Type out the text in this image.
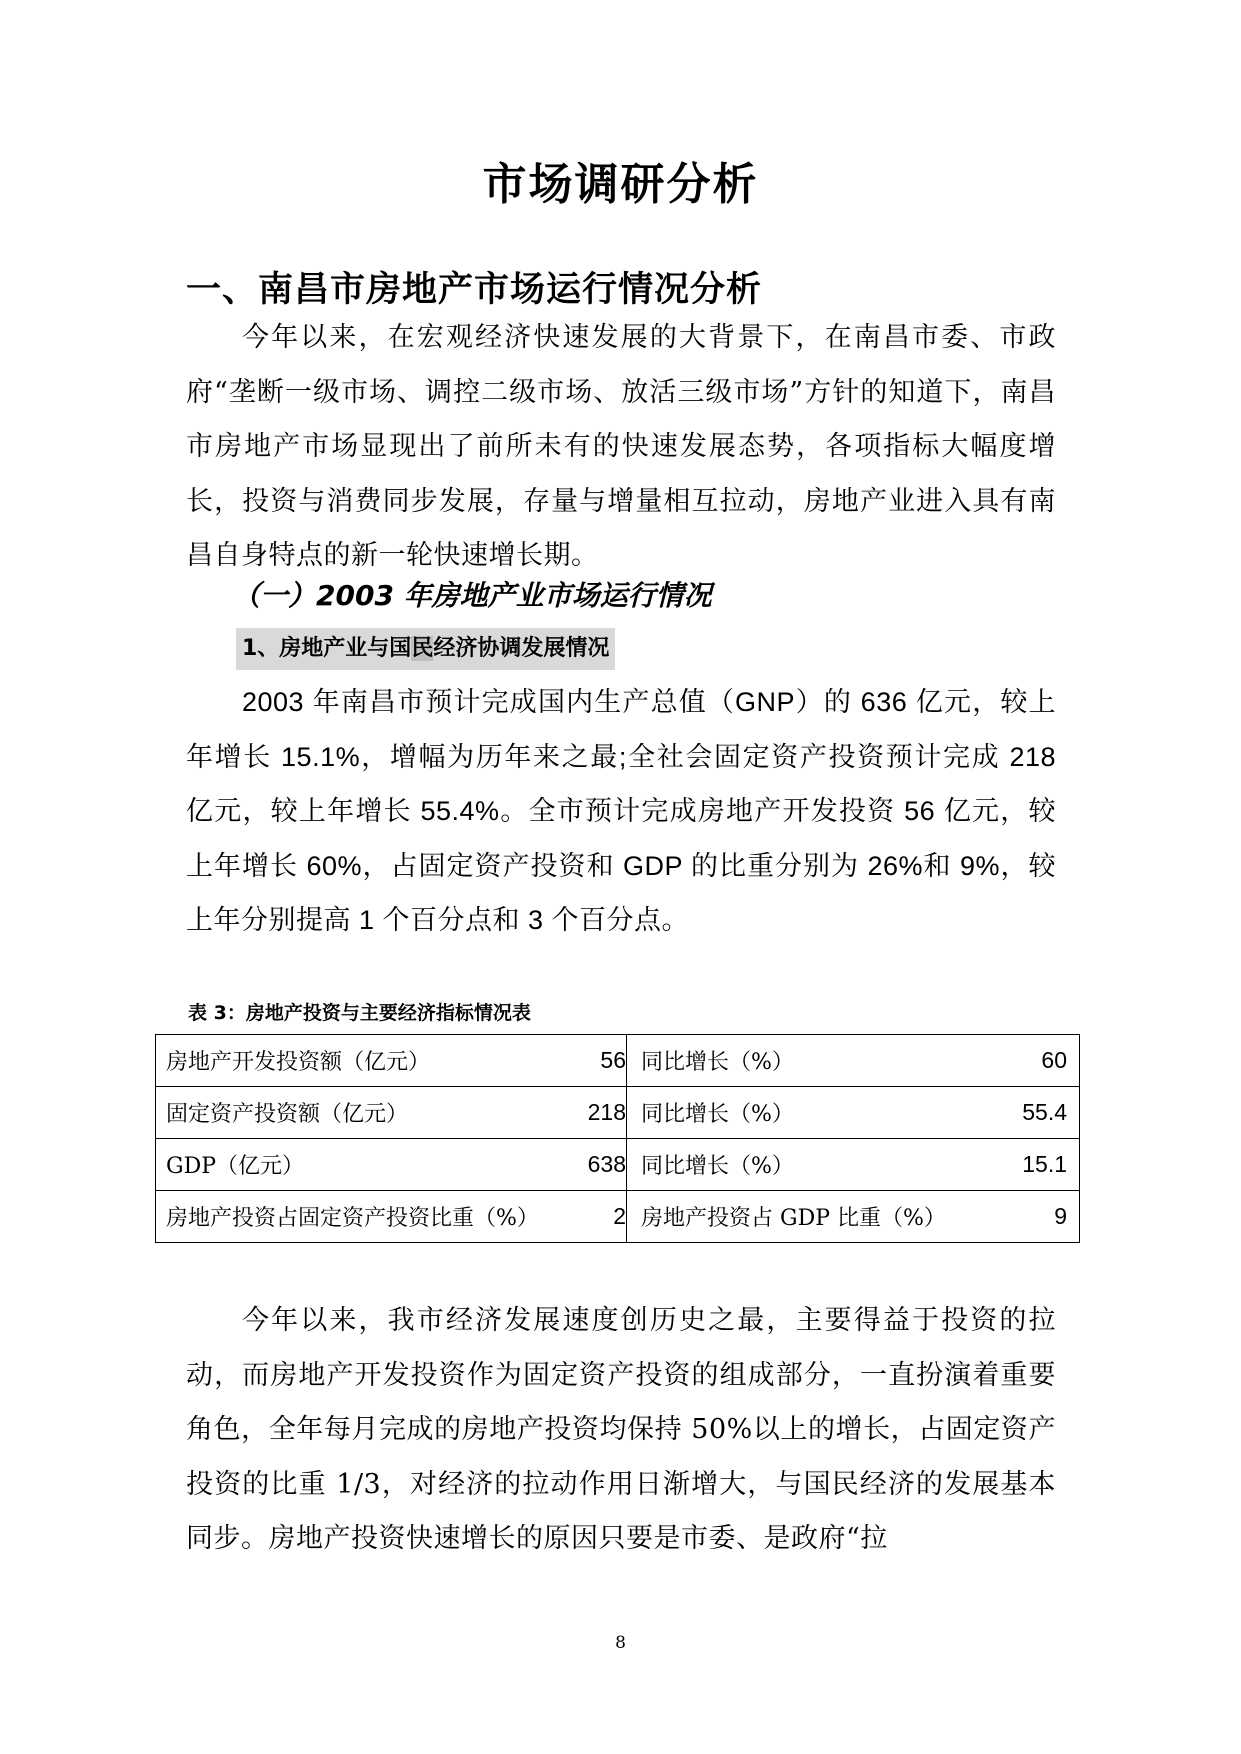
市场调研分析
一、南昌市房地产市场运行情况分析

今年以来，在宏观经济快速发展的大背景下，在南昌市委、市政府“垄断一级市场、调控二级市场、放活三级市场”方针的知道下，南昌市房地产市场显现出了前所未有的快速发展态势，各项指标大幅度增长，投资与消费同步发展，存量与增量相互拉动，房地产业进入具有南昌自身特点的新一轮快速增长期。

（一）2003 年房地产业市场运行情况
1、房地产业与国民经济协调发展情况

2003 年南昌市预计完成国内生产总值（GNP）的 636 亿元，较上年增长 15.1%，增幅为历年来之最;全社会固定资产投资预计完成 218 亿元，较上年增长 55.4%。全市预计完成房地产开发投资 56 亿元，较上年增长 60%，占固定资产投资和 GDP 的比重分别为 26%和 9%，较上年分别提高 1 个百分点和 3 个百分点。

表 3：房地产投资与主要经济指标情况表
房地产开发投资额（亿元）	56	同比增长（%）	60
固定资产投资额（亿元）	218	同比增长（%）	55.4
GDP（亿元）	638	同比增长（%）	15.1
房地产投资占固定资产投资比重（%）	2	房地产投资占 GDP 比重（%）	9

今年以来，我市经济发展速度创历史之最，主要得益于投资的拉动，而房地产开发投资作为固定资产投资的组成部分，一直扮演着重要角色，全年每月完成的房地产投资均保持 50%以上的增长，占固定资产投资的比重 1/3，对经济的拉动作用日渐增大，与国民经济的发展基本同步。房地产投资快速增长的原因只要是市委、是政府“拉

8
